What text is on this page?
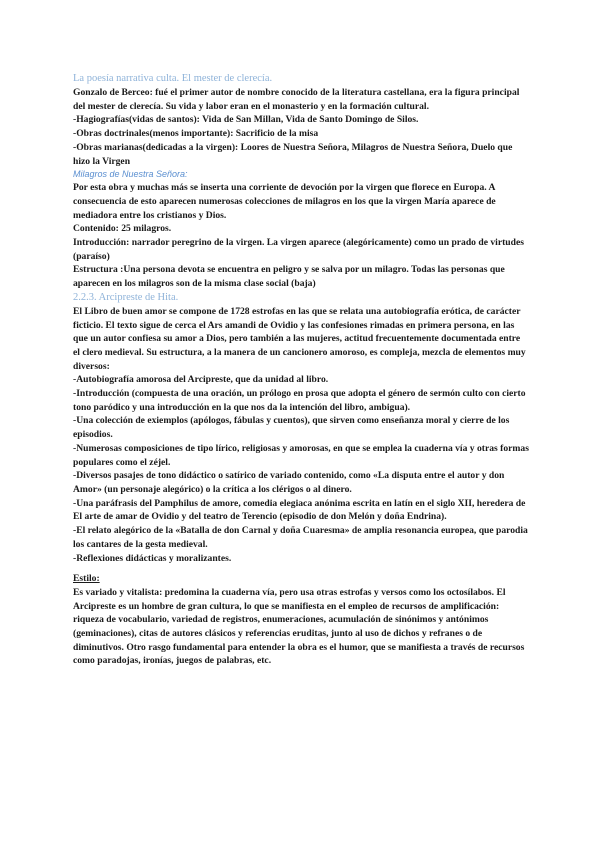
La poesía narrativa culta. El mester de clerecía.

Gonzalo de Berceo: fué el primer autor de nombre conocido de la literatura castellana, era la figura principal del mester de clerecía. Su vida y labor eran en el monasterio y en la formación cultural.

-Hagiografías(vidas de santos): Vida de San Millan, Vida de Santo Domingo de Silos.

-Obras doctrinales(menos importante): Sacrificio de la misa

-Obras marianas(dedicadas a la virgen): Loores de Nuestra Señora, Milagros de Nuestra Señora, Duelo que hizo la Virgen

Milagros de Nuestra Señora:

Por esta obra y muchas más se inserta una corriente de devoción por la virgen que florece en Europa. A consecuencia de esto aparecen numerosas colecciones de milagros en los que la virgen María aparece de mediadora entre los cristianos y Dios.

Contenido: 25 milagros.

Introducción: narrador peregrino de la virgen. La virgen aparece (alegóricamente) como un prado de virtudes (paraíso)

Estructura :Una persona devota se encuentra en peligro y se salva por un milagro. Todas las personas que aparecen en los milagros son de la misma clase social (baja)

2.2.3. Arcipreste de Hita.

El Libro de buen amor se compone de 1728 estrofas en las que se relata una autobiografía erótica, de carácter ficticio. El texto sigue de cerca el Ars amandi de Ovidio y las confesiones rimadas en primera persona, en las que un autor confiesa su amor a Dios, pero también a las mujeres, actitud frecuentemente documentada entre el clero medieval. Su estructura, a la manera de un cancionero amoroso, es compleja, mezcla de elementos muy diversos:

-Autobiografía amorosa del Arcipreste, que da unidad al libro.

-Introducción (compuesta de una oración, un prólogo en prosa que adopta el género de sermón culto con cierto tono paródico y una introducción en la que nos da la intención del libro, ambigua).

-Una colección de exiemplos (apólogos, fábulas y cuentos), que sirven como enseñanza moral y cierre de los episodios.

-Numerosas composiciones de tipo lírico, religiosas y amorosas, en que se emplea la cuaderna vía y otras formas populares como el zéjel.

-Diversos pasajes de tono didáctico o satírico de variado contenido, como «La disputa entre el autor y don Amor» (un personaje alegórico) o la crítica a los clérigos o al dinero.

-Una paráfrasis del Pamphilus de amore, comedia elegiaca anónima escrita en latín en el siglo XII, heredera de El arte de amar de Ovidio y del teatro de Terencio (episodio de don Melón y doña Endrina).

-El relato alegórico de la «Batalla de don Carnal y doña Cuaresma» de amplia resonancia europea, que parodia los cantares de la gesta medieval.

-Reflexiones didácticas y moralizantes.

Estilo:

Es variado y vitalista: predomina la cuaderna vía, pero usa otras estrofas y versos como los octosílabos. El Arcipreste es un hombre de gran cultura, lo que se manifiesta en el empleo de recursos de amplificación: riqueza de vocabulario, variedad de registros, enumeraciones, acumulación de sinónimos y antónimos (geminaciones), citas de autores clásicos y referencias eruditas, junto al uso de dichos y refranes o de diminutivos. Otro rasgo fundamental para entender la obra es el humor, que se manifiesta a través de recursos como paradojas, ironías, juegos de palabras, etc.
